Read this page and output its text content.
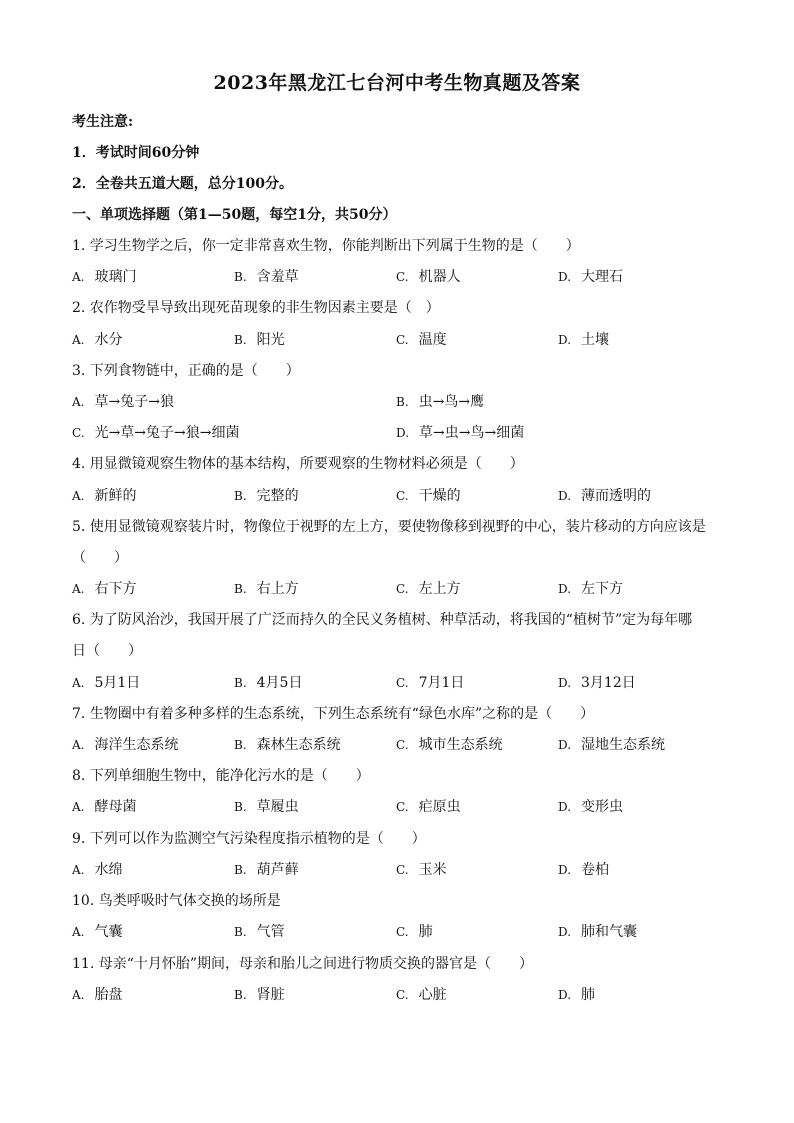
2023年黑龙江七台河中考生物真题及答案
考生注意:
1．考试时间60分钟
2．全卷共五道大题，总分100分。
一、单项选择题（第1—50题，每空1分，共50分）
1. 学习生物学之后，你一定非常喜欢生物，你能判断出下列属于生物的是（　　）
A. 玻璃门	B. 含羞草	C. 机器人	D. 大理石
2. 农作物受旱导致出现死苗现象的非生物因素主要是（　）
A. 水分	B. 阳光	C. 温度	D. 土壤
3. 下列食物链中，正确的是（　　）
A. 草→兔子→狼	B. 虫→鸟→鹰
C. 光→草→兔子→狼→细菌	D. 草→虫→鸟→细菌
4. 用显微镜观察生物体的基本结构，所要观察的生物材料必须是（　　）
A. 新鲜的	B. 完整的	C. 干燥的	D. 薄而透明的
5. 使用显微镜观察装片时，物像位于视野的左上方，要使物像移到视野的中心，装片移动的方向应该是
（　　）
A. 右下方	B. 右上方	C. 左上方	D. 左下方
6. 为了防风治沙，我国开展了广泛而持久的全民义务植树、种草活动，将我国的“植树节”定为每年哪
日（　　）
A. 5月1日	B. 4月5日	C. 7月1日	D. 3月12日
7. 生物圈中有着多种多样的生态系统，下列生态系统有“绿色水库”之称的是（　　）
A. 海洋生态系统	B. 森林生态系统	C. 城市生态系统	D. 湿地生态系统
8. 下列单细胞生物中，能净化污水的是（　　）
A. 酵母菌	B. 草履虫	C. 疟原虫	D. 变形虫
9. 下列可以作为监测空气污染程度指示植物的是（　　）
A. 水绵	B. 葫芦藓	C. 玉米	D. 卷柏
10. 鸟类呼吸时气体交换的场所是
A. 气囊	B. 气管	C. 肺	D. 肺和气囊
11. 母亲“十月怀胎”期间，母亲和胎儿之间进行物质交换的器官是（　　）
A. 胎盘	B. 肾脏	C. 心脏	D. 肺
